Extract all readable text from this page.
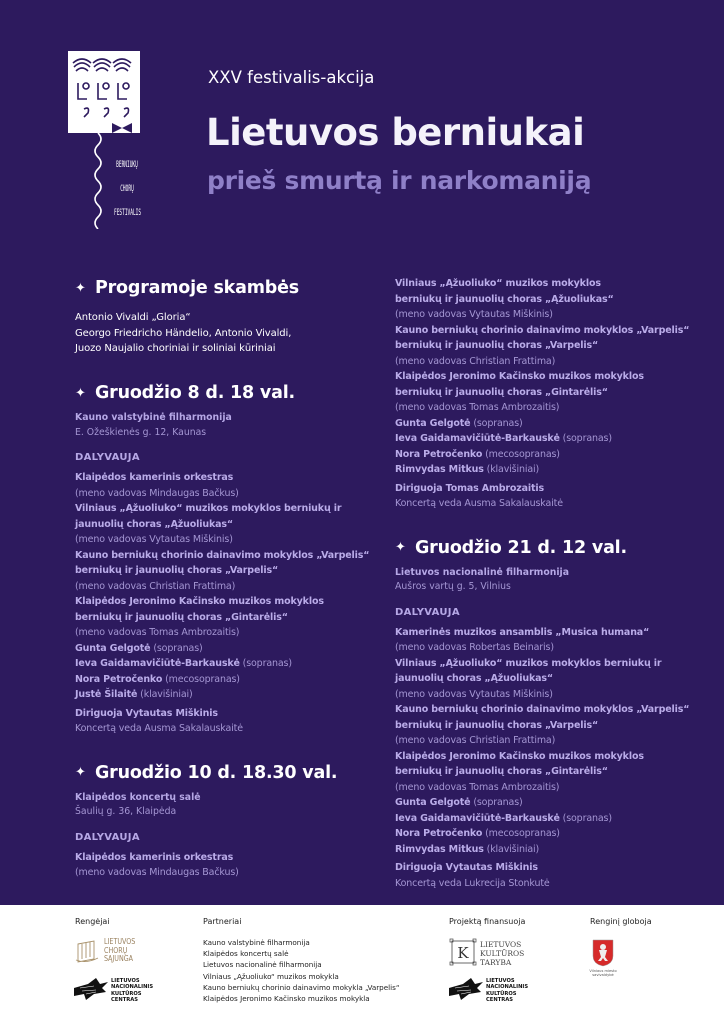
BERNIUKŲ
CHORŲ
FESTIVALIS
XXV festivalis-akcija
Lietuvos berniukai
prieš smurtą ir narkomaniją
✦ Programoje skambės
Antonio Vivaldi „Gloria“
Georgo Friedricho Händelio, Antonio Vivaldi,
Juozo Naujalio choriniai ir soliniai kūriniai
✦ Gruodžio 8 d. 18 val.
Kauno valstybinė filharmonija
E. Ožeškienės g. 12, Kaunas
DALYVAUJA
Klaipėdos kamerinis orkestras
(meno vadovas Mindaugas Bačkus)
Vilniaus „Ąžuoliuko“ muzikos mokyklos berniukų ir
jaunuolių choras „Ąžuoliukas“
(meno vadovas Vytautas Miškinis)
Kauno berniukų chorinio dainavimo mokyklos „Varpelis“
berniukų ir jaunuolių choras „Varpelis“
(meno vadovas Christian Frattima)
Klaipėdos Jeronimo Kačinsko muzikos mokyklos
berniukų ir jaunuolių choras „Gintarėlis“
(meno vadovas Tomas Ambrozaitis)
Gunta Gelgotė (sopranas)
Ieva Gaidamavičiūtė-Barkauskė (sopranas)
Nora Petročenko (mecosopranas)
Justė Šilaitė (klavišiniai)
Diriguoja Vytautas Miškinis
Koncertą veda Ausma Sakalauskaitė
✦ Gruodžio 10 d. 18.30 val.
Klaipėdos koncertų salė
Šaulių g. 36, Klaipėda
DALYVAUJA
Klaipėdos kamerinis orkestras
(meno vadovas Mindaugas Bačkus)
Vilniaus „Ąžuoliuko“ muzikos mokyklos
berniukų ir jaunuolių choras „Ąžuoliukas“
(meno vadovas Vytautas Miškinis)
Kauno berniukų chorinio dainavimo mokyklos „Varpelis“
berniukų ir jaunuolių choras „Varpelis“
(meno vadovas Christian Frattima)
Klaipėdos Jeronimo Kačinsko muzikos mokyklos
berniukų ir jaunuolių choras „Gintarėlis“
(meno vadovas Tomas Ambrozaitis)
Gunta Gelgotė (sopranas)
Ieva Gaidamavičiūtė-Barkauskė (sopranas)
Nora Petročenko (mecosopranas)
Rimvydas Mitkus (klavišiniai)
Diriguoja Tomas Ambrozaitis
Koncertą veda Ausma Sakalauskaitė
✦ Gruodžio 21 d. 12 val.
Lietuvos nacionalinė filharmonija
Aušros vartų g. 5, Vilnius
DALYVAUJA
Kamerinės muzikos ansamblis „Musica humana“
(meno vadovas Robertas Beinaris)
Vilniaus „Ąžuoliuko“ muzikos mokyklos berniukų ir
jaunuolių choras „Ąžuoliukas“
(meno vadovas Vytautas Miškinis)
Kauno berniukų chorinio dainavimo mokyklos „Varpelis“
berniukų ir jaunuolių choras „Varpelis“
(meno vadovas Christian Frattima)
Klaipėdos Jeronimo Kačinsko muzikos mokyklos
berniukų ir jaunuolių choras „Gintarėlis“
(meno vadovas Tomas Ambrozaitis)
Gunta Gelgotė (sopranas)
Ieva Gaidamavičiūtė-Barkauskė (sopranas)
Nora Petročenko (mecosopranas)
Rimvydas Mitkus (klavišiniai)
Diriguoja Vytautas Miškinis
Koncertą veda Lukrecija Stonkutė
Rengėjai	Partneriai	Projektą finansuoja	Renginį globoja
Kauno valstybinė filharmonija
Klaipėdos koncertų salė
Lietuvos nacionalinė filharmonija
Vilniaus „Ąžuoliuko“ muzikos mokykla
Kauno berniukų chorinio dainavimo mokykla „Varpelis“
Klaipėdos Jeronimo Kačinsko muzikos mokykla
LIETUVOS
CHORŲ
SĄJUNGA
LIETUVOS
NACIONALINIS
KULTŪROS
CENTRAS
K LIETUVOS
KULTŪROS
TARYBA
LIETUVOS
NACIONALINIS
KULTŪROS
CENTRAS
Vilniaus miesto
savivaldybė
